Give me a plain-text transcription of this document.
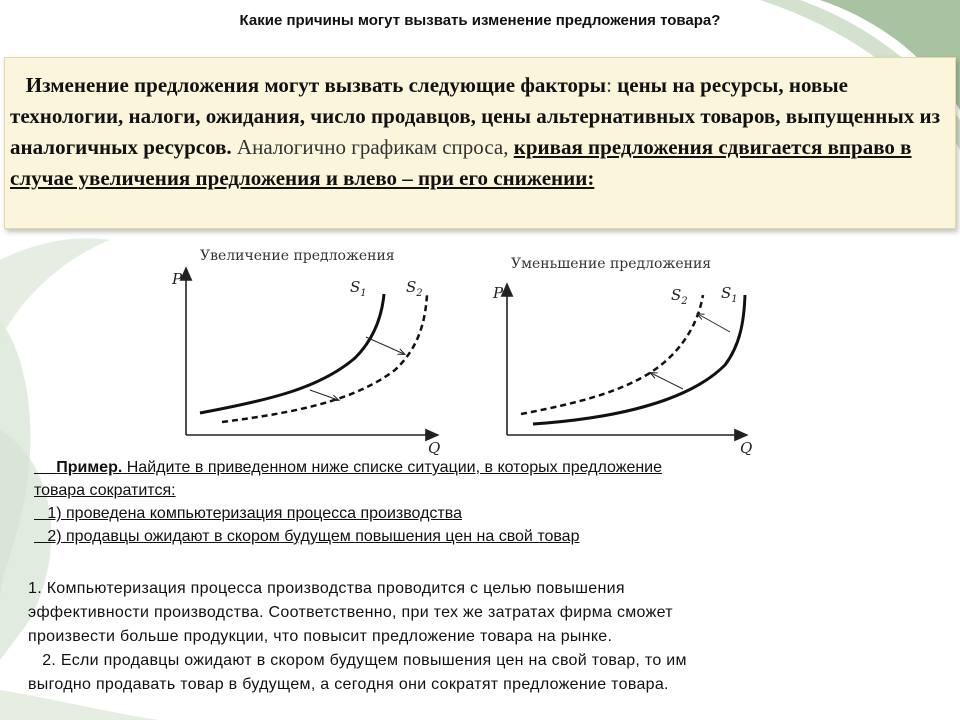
Какие причины могут вызвать изменение предложения товара?

Изменение предложения могут вызвать следующие факторы: цены на ресурсы, новые технологии, налоги, ожидания, число продавцов, цены альтернативных товаров, выпущенных из аналогичных ресурсов. Аналогично графикам спроса, кривая предложения сдвигается вправо в случае увеличения предложения и влево – при его снижении:

Увеличение предложения
P
Q
$S_1$	$S_2$
Уменьшение предложения
P
Q
$S_2$ $S_1$

Пример. Найдите в приведенном ниже списке ситуации, в которых предложение
товара сократится:
1) проведена компьютеризация процесса производства
2) продавцы ожидают в скором будущем повышения цен на свой товар

1. Компьютеризация процесса производства проводится с целью повышения
эффективности производства. Соответственно, при тех же затратах фирма сможет
произвести больше продукции, что повысит предложение товара на рынке.
2. Если продавцы ожидают в скором будущем повышения цен на свой товар, то им
выгодно продавать товар в будущем, а сегодня они сократят предложение товара.
